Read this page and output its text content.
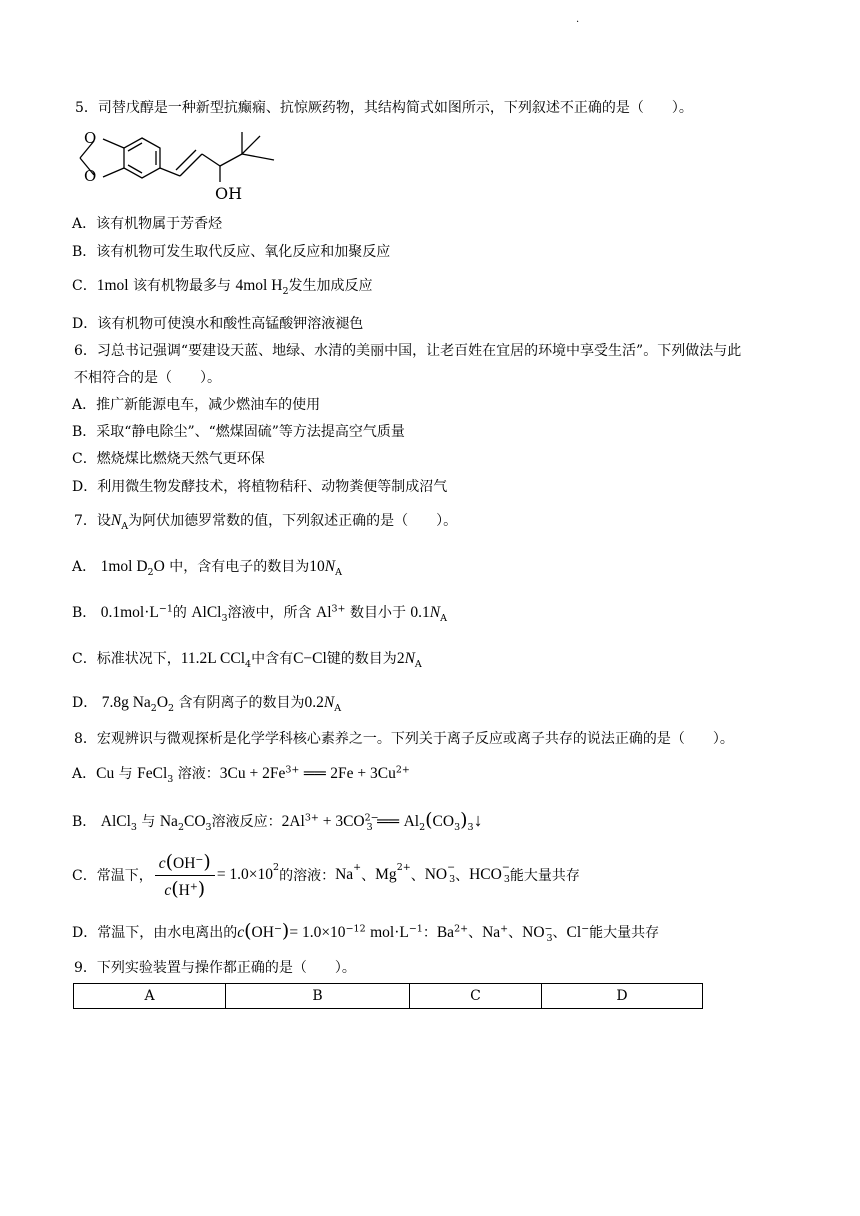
.
5．司替戊醇是一种新型抗癫痫、抗惊厥药物，其结构简式如图所示，下列叙述不正确的是（　　）。
O
O
OH
A．该有机物属于芳香烃
B．该有机物可发生取代反应、氧化反应和加聚反应
C．1mol 该有机物最多与 4mol $H_2$发生加成反应
D．该有机物可使溴水和酸性高锰酸钾溶液褪色
6．习总书记强调“要建设天蓝、地绿、水清的美丽中国，让老百姓在宜居的环境中享受生活”。下列做法与此
不相符合的是（　　）。
A．推广新能源电车，减少燃油车的使用
B．采取“静电除尘”、“燃煤固硫”等方法提高空气质量
C．燃烧煤比燃烧天然气更环保
D．利用微生物发酵技术，将植物秸秆、动物粪便等制成沼气
7．设$N_A$为阿伏加德罗常数的值，下列叙述正确的是（　　）。
A． 1mol $D_2O$ 中，含有电子的数目为$10N_A$
B． $0.1mol\cdot L^{-1}$的 AlCl$_3$溶液中，所含 $Al^{3+}$ 数目小于 $0.1N_A$
C．标准状况下，11.2L CCl$_4$中含有C−Cl键的数目为$2N_A$
D． 7.8g $Na_2O_2$ 含有阴离子的数目为$0.2N_A$
8．宏观辨识与微观探析是化学学科核心素养之一。下列关于离子反应或离子共存的说法正确的是（　　）。
A．Cu 与 FeCl$_3$ 溶液：$3Cu + 2Fe^{3+}$ ══ $2Fe + 3Cu^{2+}$
B． AlCl$_3$ 与 $Na_2CO_3$溶液反应：$2Al^{3+} + 3CO^{2-}_3$ ══ $Al_2(CO_3)_3↓$
C．常温下， $\frac{c(OH^-)}{c(H^+)} = 1.0\times 10^2$
的溶液： Na+
、 $Mg^{2+}$
、 NO−
$_3$ 、 HCO−
$_3$ 能大量共存
D．常温下，由水电离出的$c(OH^-)= 1.0\times 10^{-12}$ $mol\cdot L^{-1}$：$Ba^{2+}$、Na+、$NO^-_3$、Cl−能大量共存
9．下列实验装置与操作都正确的是（　　）。
A	B	C	D
